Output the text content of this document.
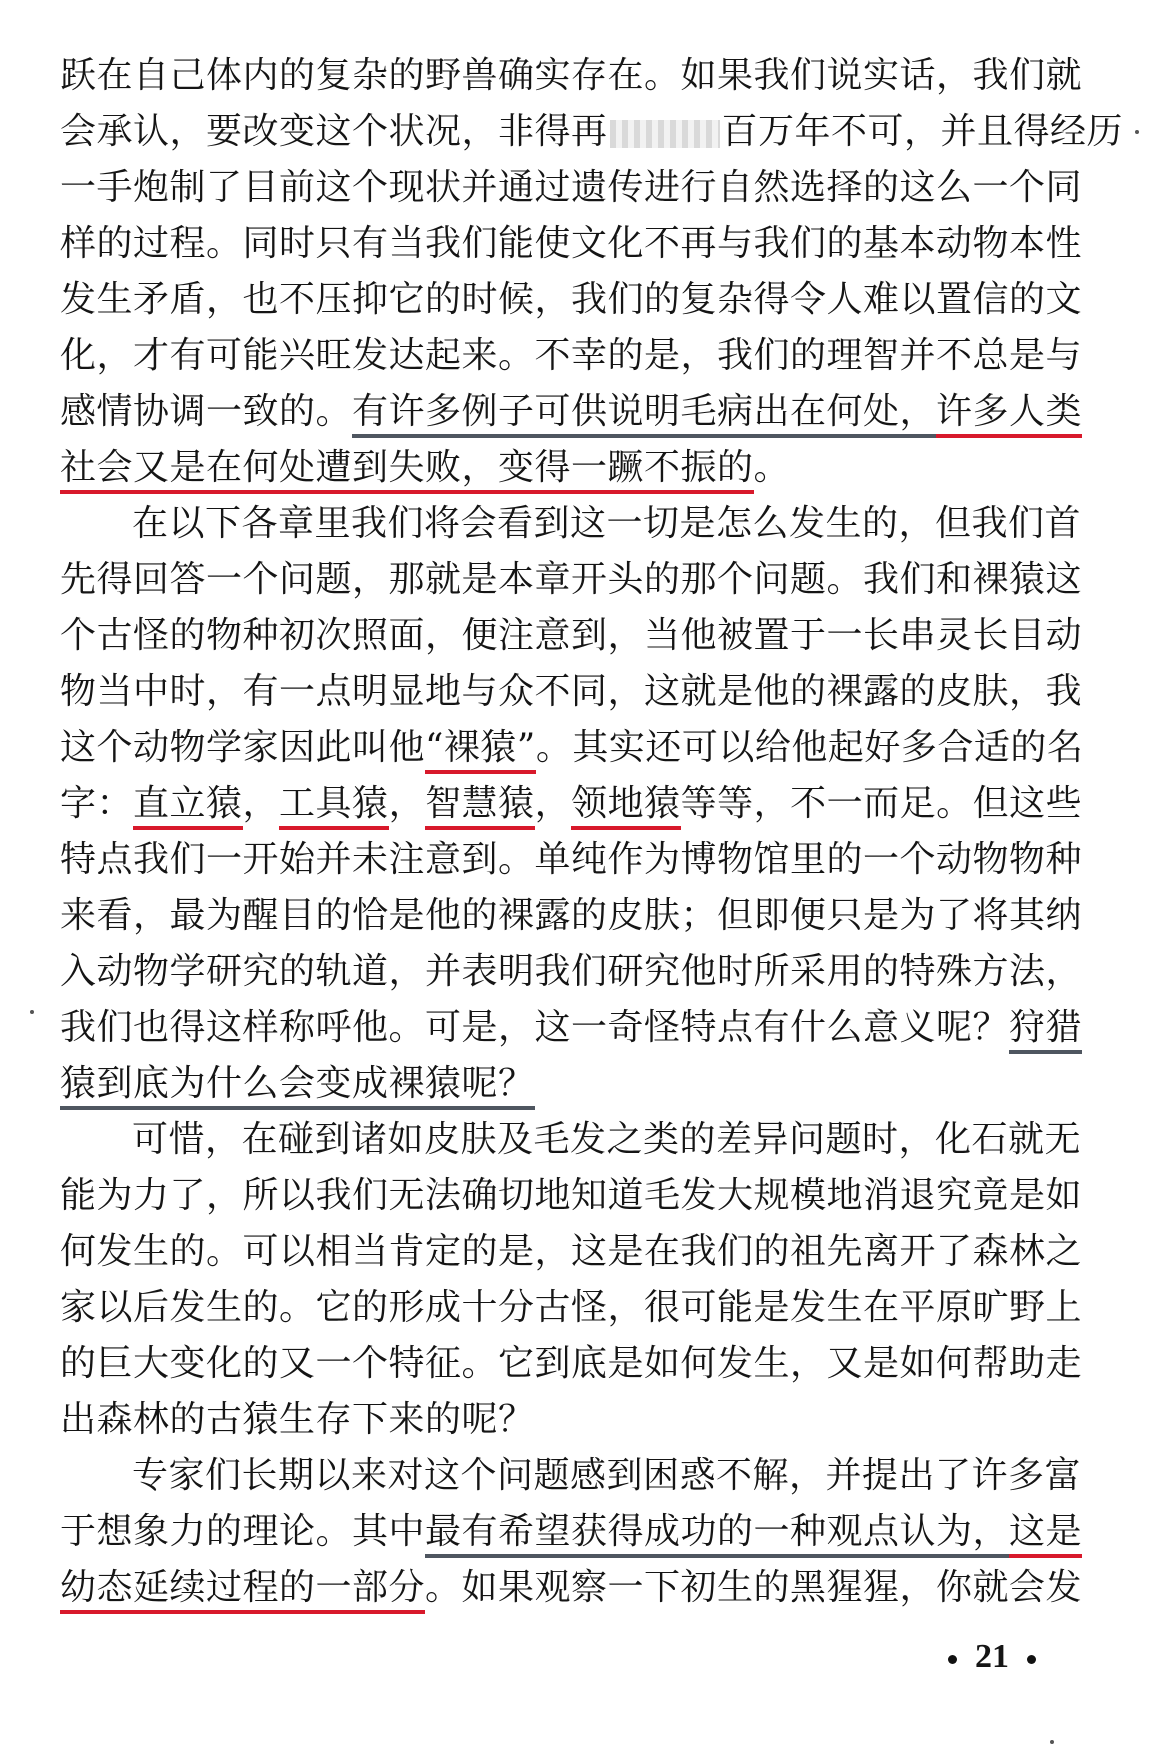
跃在自己体内的复杂的野兽确实存在。如果我们说实话，我们就
会承认，要改变这个状况，非得再	百万年不可，并且得经历
一手炮制了目前这个现状并通过遗传进行自然选择的这么一个同
样的过程。同时只有当我们能使文化不再与我们的基本动物本性
发生矛盾，也不压抑它的时候，我们的复杂得令人难以置信的文
化，才有可能兴旺发达起来。不幸的是，我们的理智并不总是与
感情协调一致的。有许多例子可供说明毛病出在何处，许多人类
社会又是在何处遭到失败，变得一蹶不振的。
在以下各章里我们将会看到这一切是怎么发生的，但我们首
先得回答一个问题，那就是本章开头的那个问题。我们和裸猿这
个古怪的物种初次照面，便注意到，当他被置于一长串灵长目动
物当中时，有一点明显地与众不同，这就是他的裸露的皮肤，我
这个动物学家因此叫他“裸猿”。其实还可以给他起好多合适的名
字：直立猿，工具猿，智慧猿，领地猿等等，不一而足。但这些
特点我们一开始并未注意到。单纯作为博物馆里的一个动物物种
来看，最为醒目的恰是他的裸露的皮肤；但即便只是为了将其纳
入动物学研究的轨道，并表明我们研究他时所采用的特殊方法，
我们也得这样称呼他。可是，这一奇怪特点有什么意义呢？狩猎
猿到底为什么会变成裸猿呢？
可惜，在碰到诸如皮肤及毛发之类的差异问题时，化石就无
能为力了，所以我们无法确切地知道毛发大规模地消退究竟是如
何发生的。可以相当肯定的是，这是在我们的祖先离开了森林之
家以后发生的。它的形成十分古怪，很可能是发生在平原旷野上
的巨大变化的又一个特征。它到底是如何发生，又是如何帮助走
出森林的古猿生存下来的呢？
专家们长期以来对这个问题感到困惑不解，并提出了许多富
于想象力的理论。其中最有希望获得成功的一种观点认为，这是
幼态延续过程的一部分。如果观察一下初生的黑猩猩，你就会发
21
